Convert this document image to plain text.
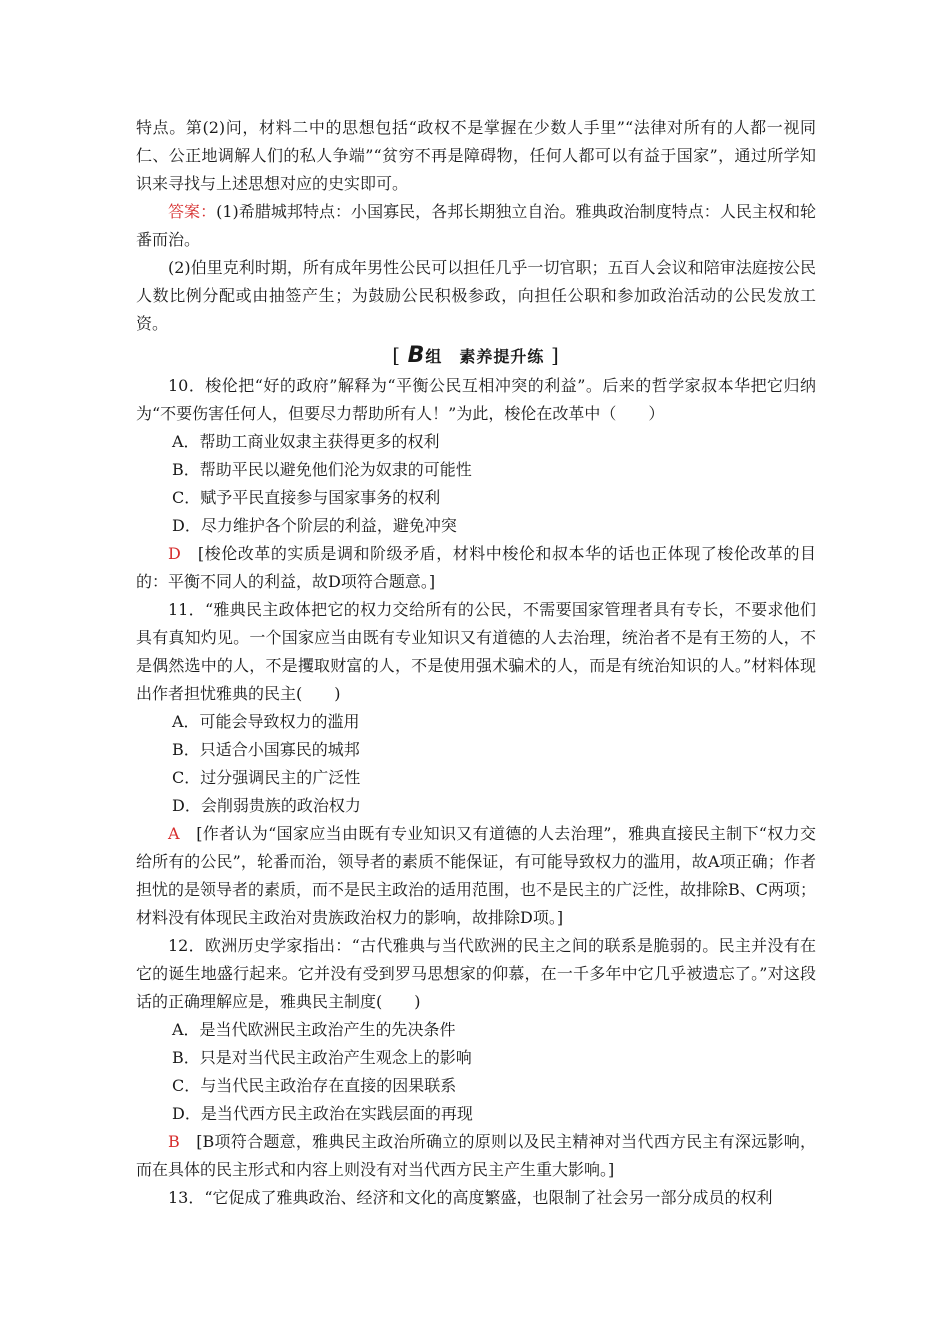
特点。第(2)问，材料二中的思想包括“政权不是掌握在少数人手里”“法律对所有的人都一视同仁、公正地调解人们的私人争端”“贫穷不再是障碍物，任何人都可以有益于国家”，通过所学知识来寻找与上述思想对应的史实即可。

答案：(1)希腊城邦特点：小国寡民，各邦长期独立自治。雅典政治制度特点：人民主权和轮番而治。

(2)伯里克利时期，所有成年男性公民可以担任几乎一切官职；五百人会议和陪审法庭按公民人数比例分配或由抽签产生；为鼓励公民积极参政，向担任公职和参加政治活动的公民发放工资。

[ B组　素养提升练 ]

10．梭伦把“好的政府”解释为“平衡公民互相冲突的利益”。后来的哲学家叔本华把它归纳为“不要伤害任何人，但要尽力帮助所有人！”为此，梭伦在改革中（　　）

A．帮助工商业奴隶主获得更多的权利

B．帮助平民以避免他们沦为奴隶的可能性

C．赋予平民直接参与国家事务的权利

D．尽力维护各个阶层的利益，避免冲突

D　 [梭伦改革的实质是调和阶级矛盾，材料中梭伦和叔本华的话也正体现了梭伦改革的目的：平衡不同人的利益，故D项符合题意。]

11．“雅典民主政体把它的权力交给所有的公民，不需要国家管理者具有专长，不要求他们具有真知灼见。一个国家应当由既有专业知识又有道德的人去治理，统治者不是有王笏的人，不是偶然选中的人，不是攫取财富的人，不是使用强术骗术的人，而是有统治知识的人。”材料体现出作者担忧雅典的民主(　　)

A．可能会导致权力的滥用

B．只适合小国寡民的城邦

C．过分强调民主的广泛性

D．会削弱贵族的政治权力

A　 [作者认为“国家应当由既有专业知识又有道德的人去治理”，雅典直接民主制下“权力交给所有的公民”，轮番而治，领导者的素质不能保证，有可能导致权力的滥用，故A项正确；作者担忧的是领导者的素质，而不是民主政治的适用范围，也不是民主的广泛性，故排除B、C两项；材料没有体现民主政治对贵族政治权力的影响，故排除D项。]

12．欧洲历史学家指出：“古代雅典与当代欧洲的民主之间的联系是脆弱的。民主并没有在它的诞生地盛行起来。它并没有受到罗马思想家的仰慕，在一千多年中它几乎被遗忘了。”对这段话的正确理解应是，雅典民主制度(　　)

A．是当代欧洲民主政治产生的先决条件

B．只是对当代民主政治产生观念上的影响

C．与当代民主政治存在直接的因果联系

D．是当代西方民主政治在实践层面的再现

B　 [B项符合题意，雅典民主政治所确立的原则以及民主精神对当代西方民主有深远影响，而在具体的民主形式和内容上则没有对当代西方民主产生重大影响。]

13．“它促成了雅典政治、经济和文化的高度繁盛，也限制了社会另一部分成员的权利
